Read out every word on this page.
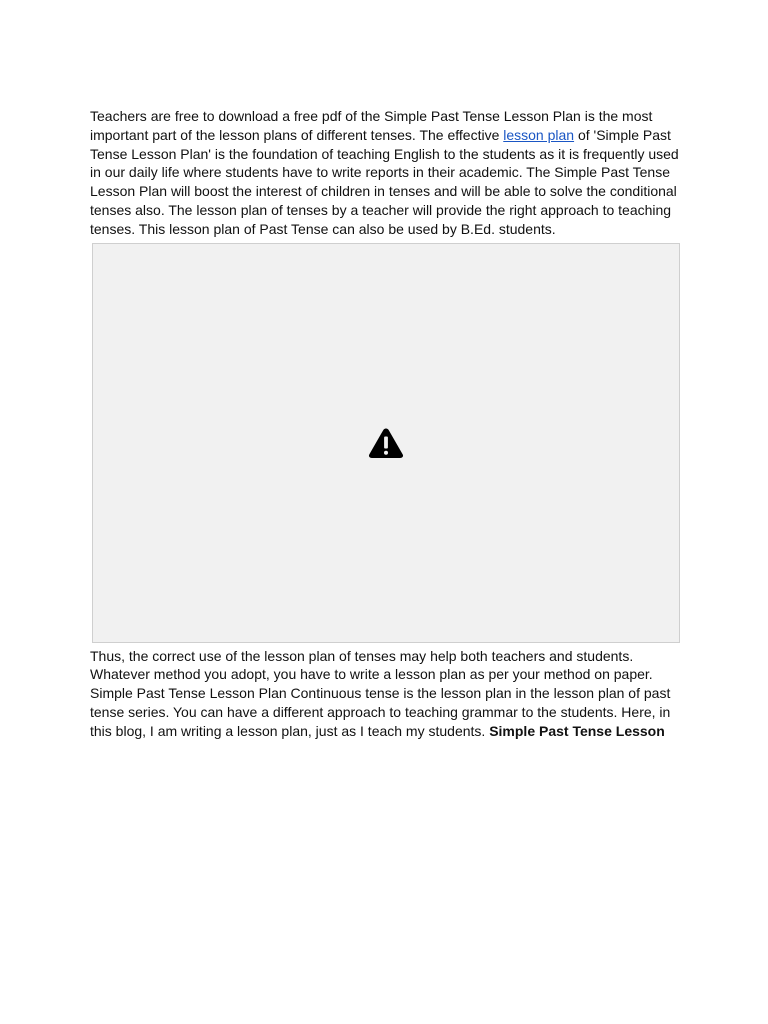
Teachers are free to download a free pdf of the Simple Past Tense Lesson Plan is the most important part of the lesson plans of different tenses. The effective lesson plan of 'Simple Past Tense Lesson Plan' is the foundation of teaching English to the students as it is frequently used in our daily life where students have to write reports in their academic. The Simple Past Tense Lesson Plan will boost the interest of children in tenses and will be able to solve the conditional tenses also. The lesson plan of tenses by a teacher will provide the right approach to teaching tenses. This lesson plan of Past Tense can also be used by B.Ed. students.

Thus, the correct use of the lesson plan of tenses may help both teachers and students. Whatever method you adopt, you have to write a lesson plan as per your method on paper. Simple Past Tense Lesson Plan Continuous tense is the lesson plan in the lesson plan of past tense series. You can have a different approach to teaching grammar to the students. Here, in this blog, I am writing a lesson plan, just as I teach my students. Simple Past Tense Lesson
